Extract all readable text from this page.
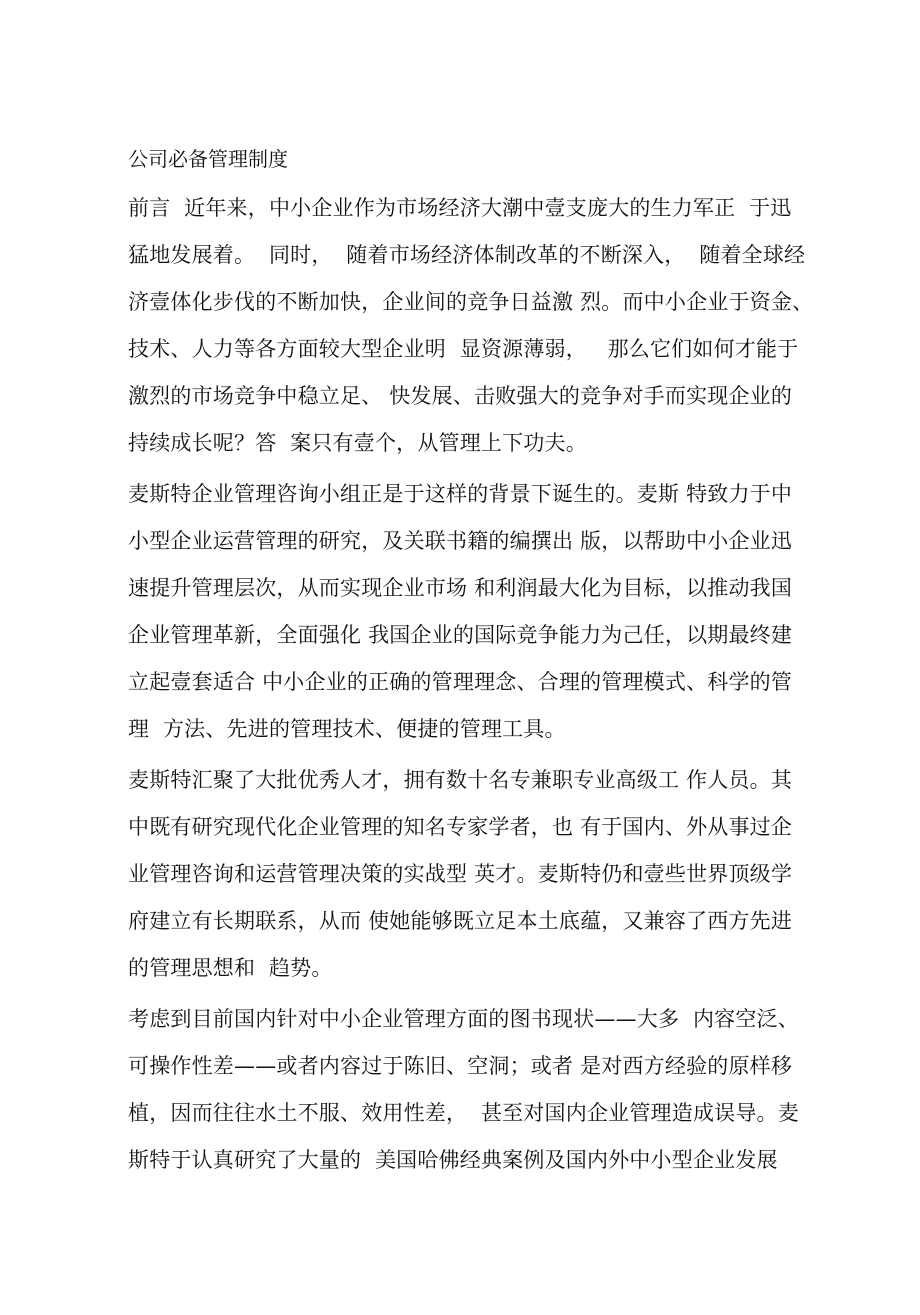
公司必备管理制度
前言  近年来，中小企业作为市场经济大潮中壹支庞大的生力军正  于迅
猛地发展着。  同时，  随着市场经济体制改革的不断深入，  随着全球经
济壹体化步伐的不断加快，企业间的竞争日益激 烈。而中小企业于资金、
技术、人力等各方面较大型企业明  显资源薄弱，   那么它们如何才能于
激烈的市场竞争中稳立足、 快发展、击败强大的竞争对手而实现企业的
持续成长呢？答  案只有壹个，从管理上下功夫。
麦斯特企业管理咨询小组正是于这样的背景下诞生的。麦斯 特致力于中
小型企业运营管理的研究，及关联书籍的编撰出 版，以帮助中小企业迅
速提升管理层次，从而实现企业市场 和利润最大化为目标，以推动我国
企业管理革新，全面强化 我国企业的国际竞争能力为己任，以期最终建
立起壹套适合 中小企业的正确的管理理念、合理的管理模式、科学的管
理  方法、先进的管理技术、便捷的管理工具。
麦斯特汇聚了大批优秀人才，拥有数十名专兼职专业高级工 作人员。其
中既有研究现代化企业管理的知名专家学者，也 有于国内、外从事过企
业管理咨询和运营管理决策的实战型 英才。麦斯特仍和壹些世界顶级学
府建立有长期联系，从而 使她能够既立足本土底蕴，又兼容了西方先进
的管理思想和  趋势。
考虑到目前国内针对中小企业管理方面的图书现状——大多  内容空泛、
可操作性差——或者内容过于陈旧、空洞；或者 是对西方经验的原样移
植，因而往往水土不服、效用性差，  甚至对国内企业管理造成误导。麦
斯特于认真研究了大量的  美国哈佛经典案例及国内外中小型企业发展
